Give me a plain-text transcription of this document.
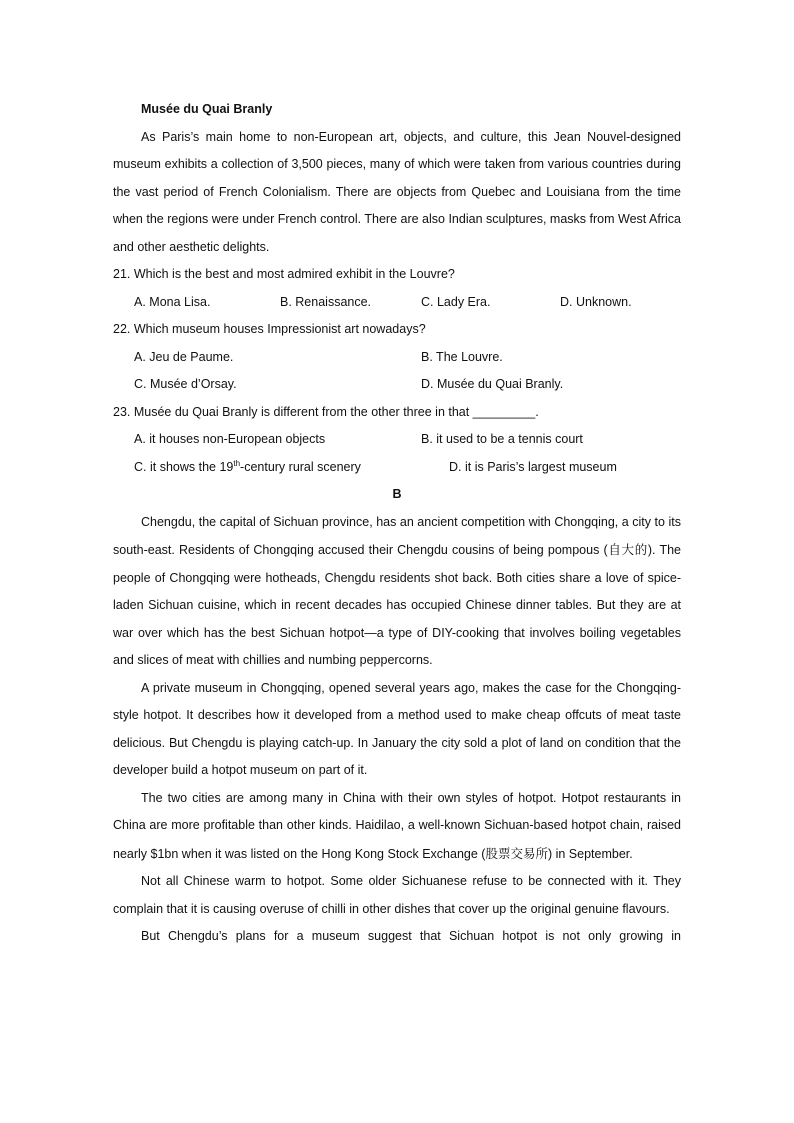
Musée du Quai Branly

As Paris’s main home to non-European art, objects, and culture, this Jean Nouvel-designed museum exhibits a collection of 3,500 pieces, many of which were taken from various countries during the vast period of French Colonialism. There are objects from Quebec and Louisiana from the time when the regions were under French control. There are also Indian sculptures, masks from West Africa and other aesthetic delights.

21. Which is the best and most admired exhibit in the Louvre?

A. Mona Lisa.	B. Renaissance.	C. Lady Era.	D. Unknown.

22. Which museum houses Impressionist art nowadays?

A. Jeu de Paume.	B. The Louvre.
C. Musée d’Orsay.	D. Musée du Quai Branly.

23. Musée du Quai Branly is different from the other three in that _________.

A. it houses non-European objects	B. it used to be a tennis court
C. it shows the 19th-century rural scenery	D. it is Paris’s largest museum

B

Chengdu, the capital of Sichuan province, has an ancient competition with Chongqing, a city to its south-east. Residents of Chongqing accused their Chengdu cousins of being pompous (自大的). The people of Chongqing were hotheads, Chengdu residents shot back. Both cities share a love of spice-laden Sichuan cuisine, which in recent decades has occupied Chinese dinner tables. But they are at war over which has the best Sichuan hotpot—a type of DIY-cooking that involves boiling vegetables and slices of meat with chillies and numbing peppercorns.

A private museum in Chongqing, opened several years ago, makes the case for the Chongqing-style hotpot. It describes how it developed from a method used to make cheap offcuts of meat taste delicious. But Chengdu is playing catch-up. In January the city sold a plot of land on condition that the developer build a hotpot museum on part of it.

The two cities are among many in China with their own styles of hotpot. Hotpot restaurants in China are more profitable than other kinds. Haidilao, a well-known Sichuan-based hotpot chain, raised nearly $1bn when it was listed on the Hong Kong Stock Exchange (股票交易所) in September.

Not all Chinese warm to hotpot. Some older Sichuanese refuse to be connected with it. They complain that it is causing overuse of chilli in other dishes that cover up the original genuine flavours.

But Chengdu’s plans for a museum suggest that Sichuan hotpot is not only growing in
